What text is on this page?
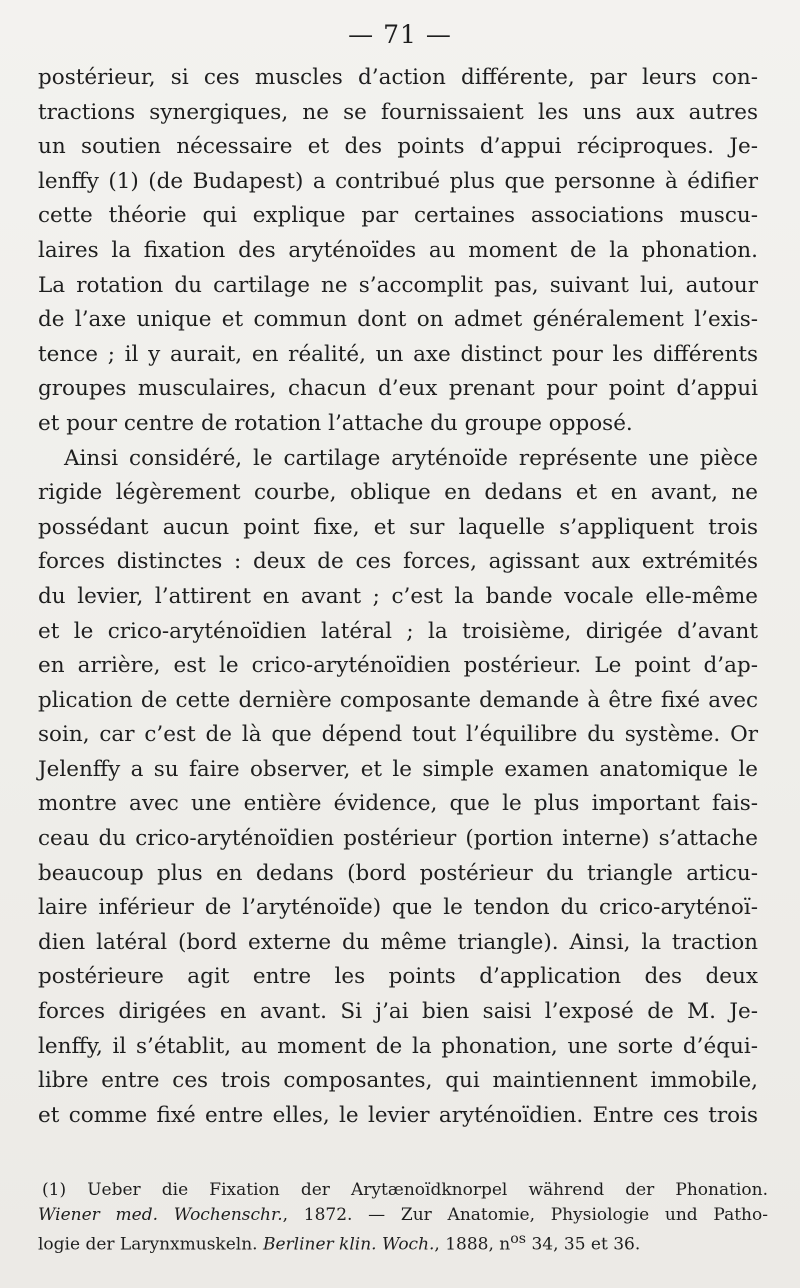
— 71 —
postérieur, si ces muscles d’action différente, par leurs con-
tractions synergiques, ne se fournissaient les uns aux autres
un soutien nécessaire et des points d’appui réciproques. Je-
lenffy (1) (de Budapest) a contribué plus que personne à édifier
cette théorie qui explique par certaines associations muscu-
laires la fixation des aryténoïdes au moment de la phonation.
La rotation du cartilage ne s’accomplit pas, suivant lui, autour
de l’axe unique et commun dont on admet généralement l’exis-
tence ; il y aurait, en réalité, un axe distinct pour les différents
groupes musculaires, chacun d’eux prenant pour point d’appui
et pour centre de rotation l’attache du groupe opposé.
Ainsi considéré, le cartilage aryténoïde représente une pièce
rigide légèrement courbe, oblique en dedans et en avant, ne
possédant aucun point fixe, et sur laquelle s’appliquent trois
forces distinctes : deux de ces forces, agissant aux extrémités
du levier, l’attirent en avant ; c’est la bande vocale elle-même
et le crico-aryténoïdien latéral ; la troisième, dirigée d’avant
en arrière, est le crico-aryténoïdien postérieur. Le point d’ap-
plication de cette dernière composante demande à être fixé avec
soin, car c’est de là que dépend tout l’équilibre du système. Or
Jelenffy a su faire observer, et le simple examen anatomique le
montre avec une entière évidence, que le plus important fais-
ceau du crico-aryténoïdien postérieur (portion interne) s’attache
beaucoup plus en dedans (bord postérieur du triangle articu-
laire inférieur de l’aryténoïde) que le tendon du crico-aryténoï-
dien latéral (bord externe du même triangle). Ainsi, la traction
postérieure agit entre les points d’application des deux
forces dirigées en avant. Si j’ai bien saisi l’exposé de M. Je-
lenffy, il s’établit, au moment de la phonation, une sorte d’équi-
libre entre ces trois composantes, qui maintiennent immobile,
et comme fixé entre elles, le levier aryténoïdien. Entre ces trois
(1) Ueber die Fixation der Arytænoïdknorpel während der Phonation.
Wiener med. Wochenschr., 1872. — Zur Anatomie, Physiologie und Patho-
logie der Larynxmuskeln. Berliner klin. Woch., 1888, $n^{os}$ 34, 35 et 36.
